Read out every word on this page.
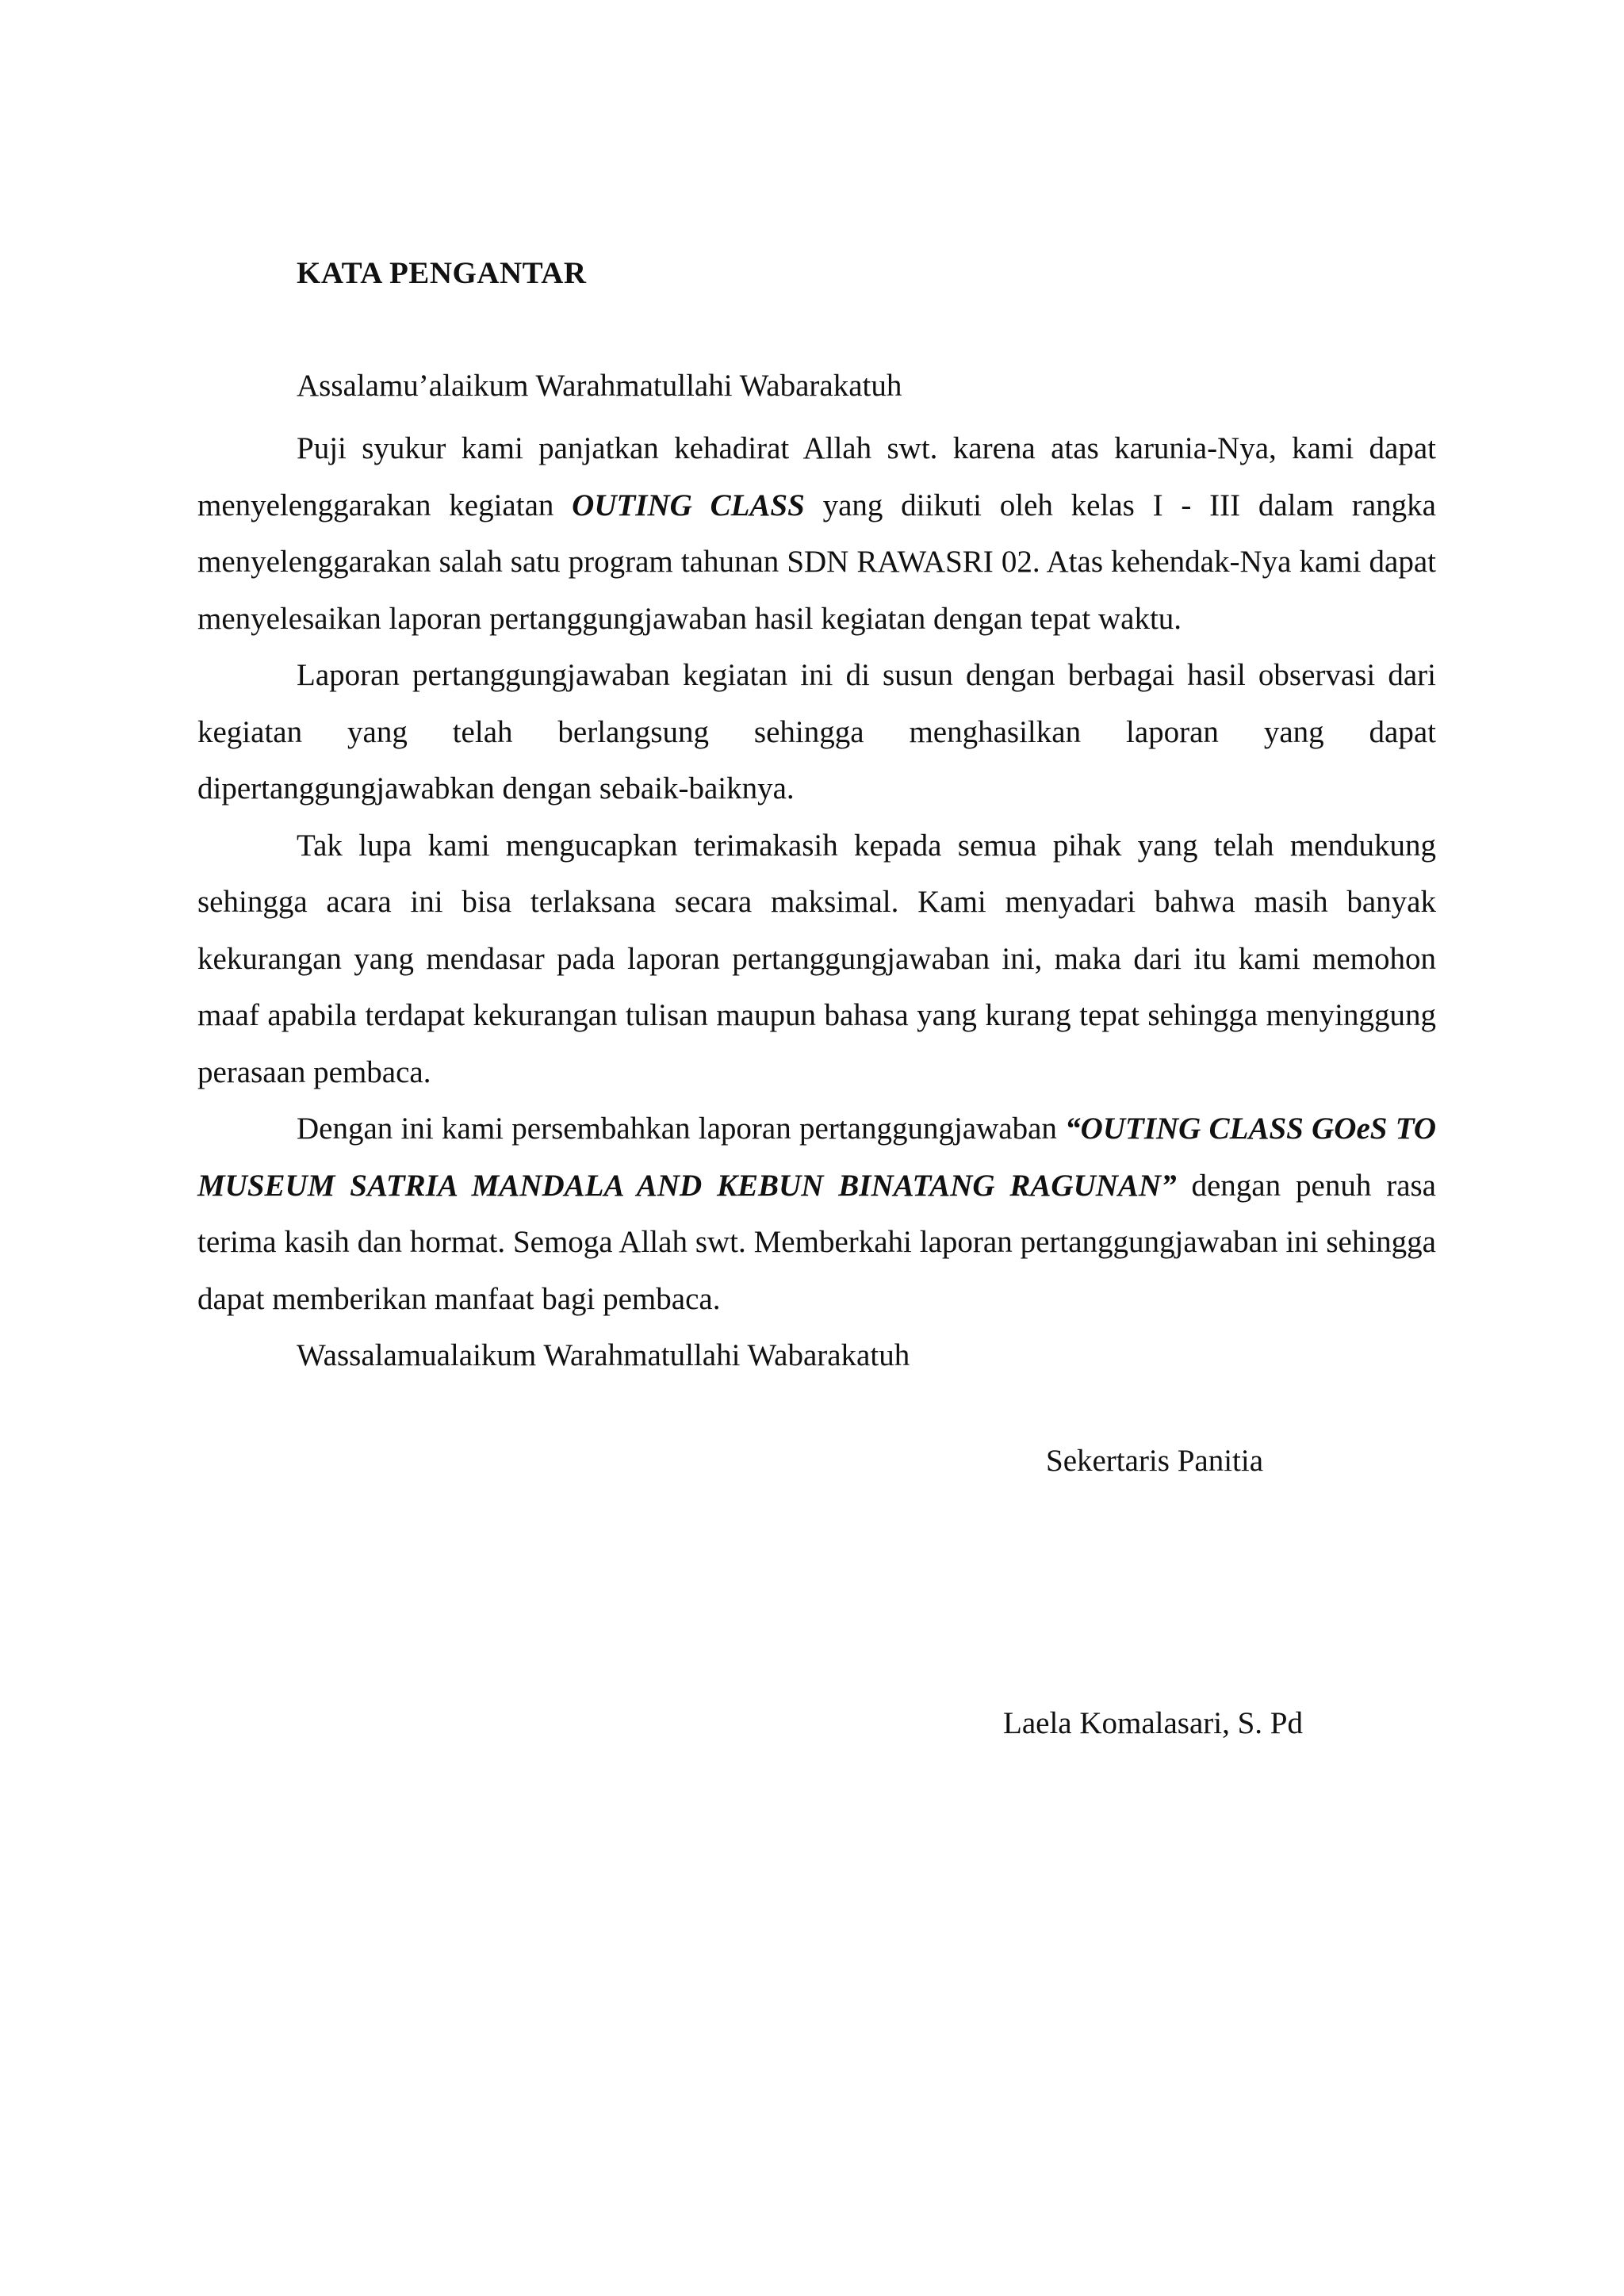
KATA PENGANTAR

Assalamu’alaikum Warahmatullahi Wabarakatuh

Puji syukur kami panjatkan kehadirat Allah swt. karena atas karunia-Nya, kami dapat menyelenggarakan kegiatan OUTING CLASS yang diikuti oleh kelas I - III dalam rangka menyelenggarakan salah satu program tahunan SDN RAWASRI 02. Atas kehendak-Nya kami dapat menyelesaikan laporan pertanggungjawaban hasil kegiatan dengan tepat waktu.

Laporan pertanggungjawaban kegiatan ini di susun dengan berbagai hasil observasi dari kegiatan yang telah berlangsung sehingga menghasilkan laporan yang dapat dipertanggungjawabkan dengan sebaik-baiknya.

Tak lupa kami mengucapkan terimakasih kepada semua pihak yang telah mendukung sehingga acara ini bisa terlaksana secara maksimal. Kami menyadari bahwa masih banyak kekurangan yang mendasar pada laporan pertanggungjawaban ini, maka dari itu kami memohon maaf apabila terdapat kekurangan tulisan maupun bahasa yang kurang tepat sehingga menyinggung perasaan pembaca.

Dengan ini kami persembahkan laporan pertanggungjawaban “OUTING CLASS GOeS TO MUSEUM SATRIA MANDALA AND KEBUN BINATANG RAGUNAN” dengan penuh rasa terima kasih dan hormat. Semoga Allah swt. Memberkahi laporan pertanggungjawaban ini sehingga dapat memberikan manfaat bagi pembaca.

Wassalamualaikum Warahmatullahi Wabarakatuh

Sekertaris Panitia

Laela Komalasari, S. Pd
